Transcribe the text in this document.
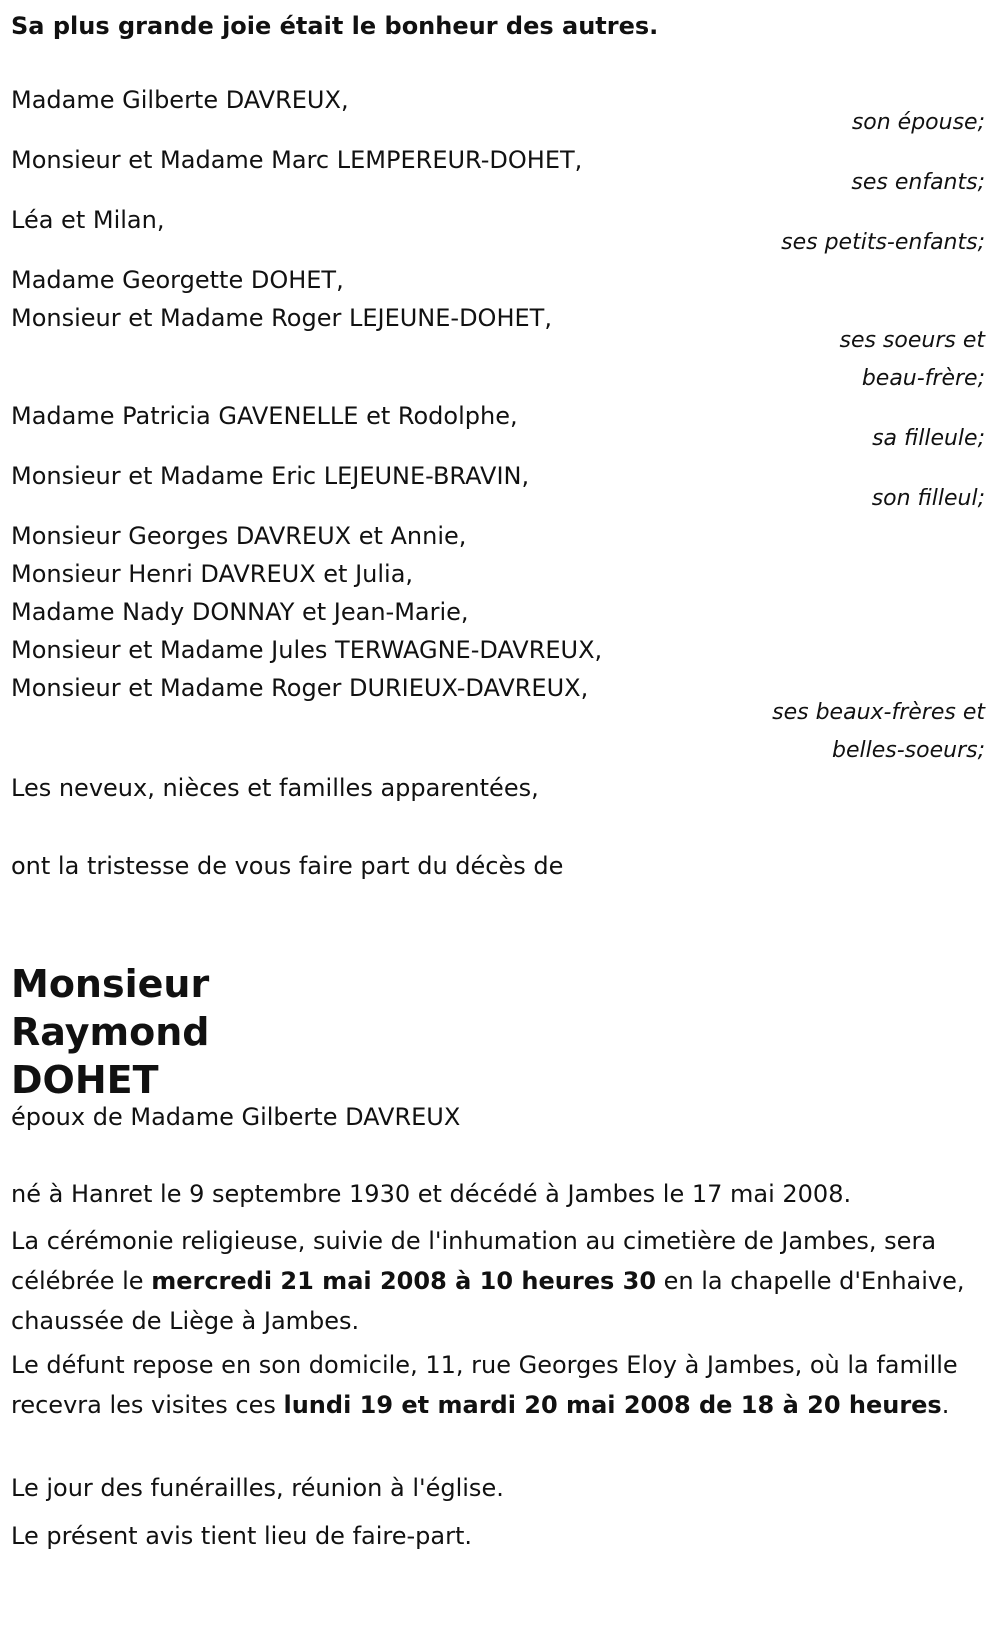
Sa plus grande joie était le bonheur des autres.

Madame Gilberte DAVREUX,

Monsieur et Madame Marc LEMPEREUR-DOHET,

Léa et Milan,

Madame Georgette DOHET,

Monsieur et Madame Roger LEJEUNE-DOHET,

Madame Patricia GAVENELLE et Rodolphe,

Monsieur et Madame Eric LEJEUNE-BRAVIN,

Monsieur Georges DAVREUX et Annie,

Monsieur Henri DAVREUX et Julia,

Madame Nady DONNAY et Jean-Marie,

Monsieur et Madame Jules TERWAGNE-DAVREUX,

Monsieur et Madame Roger DURIEUX-DAVREUX,

Les neveux, nièces et familles apparentées,

son épouse;

ses enfants;

ses petits-enfants;

ses soeurs et

beau-frère;

sa filleule;

son filleul;

ses beaux-frères et

belles-soeurs;

ont la tristesse de vous faire part du décès de

Monsieur
Raymond
DOHET

époux de Madame Gilberte DAVREUX

né à Hanret le 9 septembre 1930 et décédé à Jambes le 17 mai 2008.

La cérémonie religieuse, suivie de l'inhumation au cimetière de Jambes, sera célébrée le mercredi 21 mai 2008 à 10 heures 30 en la chapelle d'Enhaive, chaussée de Liège à Jambes.

Le défunt repose en son domicile, 11, rue Georges Eloy à Jambes, où la famille recevra les visites ces lundi 19 et mardi 20 mai 2008 de 18 à 20 heures.

Le jour des funérailles, réunion à l'église.

Le présent avis tient lieu de faire-part.
